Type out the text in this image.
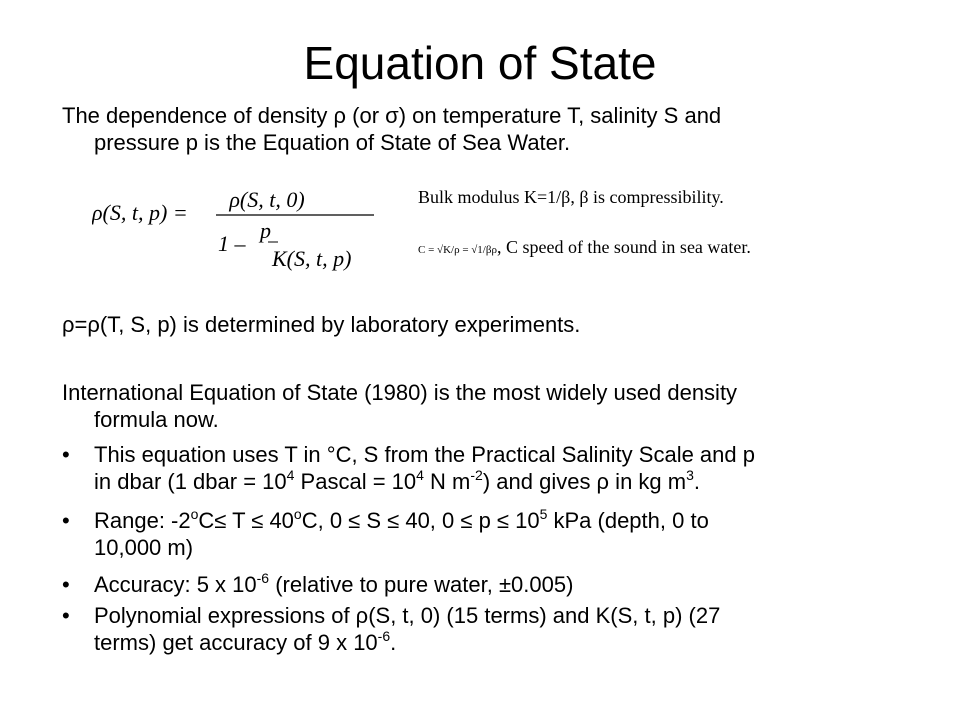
Equation of State
The dependence of density ρ (or σ) on temperature T, salinity S and
pressure p is the Equation of State of Sea Water.
ρ(S, t, p) =
ρ(S, t, 0)
1 –
p
K(S, t, p)
Bulk modulus K=1/β, β is compressibility.
C = √K/ρ = √1/βρ, C speed of the sound in sea water.
ρ=ρ(T, S, p) is determined by laboratory experiments.
International Equation of State (1980) is the most widely used density
formula now.
• This equation uses T in °C, S from the Practical Salinity Scale and p
in dbar (1 dbar = $10^4$ Pascal = $10^4$ N $m^{-2}$) and gives ρ in kg $m^3$.
• Range: $-2^oC\le T \le 40^oC$, 0 ≤ S ≤ 40, $0 \le p \le 10^5$ kPa (depth, 0 to
10,000 m)
• Accuracy: 5 x $10^{-6}$ (relative to pure water, ±0.005)
• Polynomial expressions of ρ(S, t, 0) (15 terms) and K(S, t, p) (27
terms) get accuracy of 9 x $10^{-6}$.
